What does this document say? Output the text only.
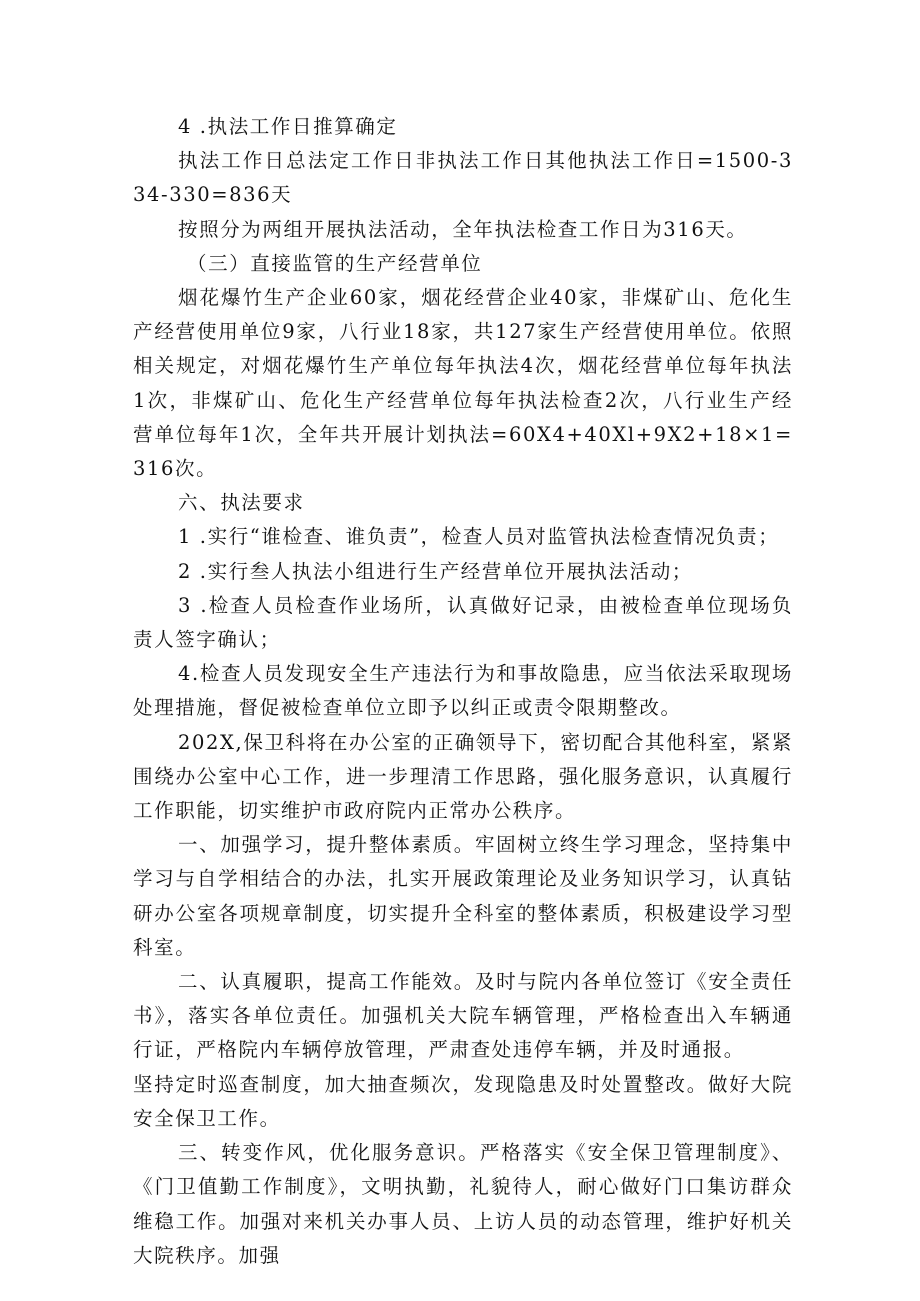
4 .执法工作日推算确定

执法工作日总法定工作日非执法工作日其他执法工作日=1500-334-330=836天

按照分为两组开展执法活动，全年执法检查工作日为316天。

（三）直接监管的生产经营单位

烟花爆竹生产企业60家，烟花经营企业40家，非煤矿山、危化生产经营使用单位9家，八行业18家，共127家生产经营使用单位。依照相关规定，对烟花爆竹生产单位每年执法4次，烟花经营单位每年执法1次，非煤矿山、危化生产经营单位每年执法检查2次，八行业生产经营单位每年1次，全年共开展计划执法=60X4+40Xl+9X2+18×1=316次。

六、执法要求

1 .实行“谁检查、谁负责”，检查人员对监管执法检查情况负责；

2 .实行叁人执法小组进行生产经营单位开展执法活动；

3 .检查人员检查作业场所，认真做好记录，由被检查单位现场负责人签字确认；

4.检查人员发现安全生产违法行为和事故隐患，应当依法采取现场处理措施，督促被检查单位立即予以纠正或责令限期整改。

202X,保卫科将在办公室的正确领导下，密切配合其他科室，紧紧围绕办公室中心工作，进一步理清工作思路，强化服务意识，认真履行工作职能，切实维护市政府院内正常办公秩序。

一、加强学习，提升整体素质。牢固树立终生学习理念，坚持集中学习与自学相结合的办法，扎实开展政策理论及业务知识学习，认真钻研办公室各项规章制度，切实提升全科室的整体素质，积极建设学习型科室。

二、认真履职，提高工作能效。及时与院内各单位签订《安全责任书》，落实各单位责任。加强机关大院车辆管理，严格检查出入车辆通行证，严格院内车辆停放管理，严肃查处违停车辆，并及时通报。

坚持定时巡查制度，加大抽查频次，发现隐患及时处置整改。做好大院安全保卫工作。

三、转变作风，优化服务意识。严格落实《安全保卫管理制度》、《门卫值勤工作制度》，文明执勤，礼貌待人，耐心做好门口集访群众维稳工作。加强对来机关办事人员、上访人员的动态管理，维护好机关大院秩序。加强
